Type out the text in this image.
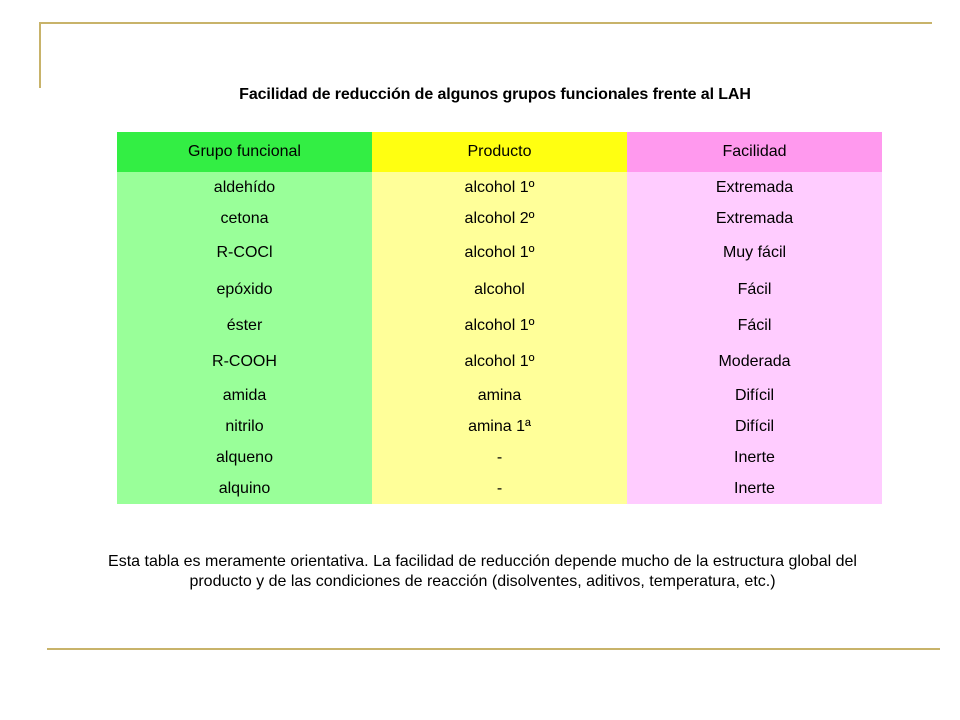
Facilidad de reducción de algunos grupos funcionales frente al LAH
Grupo funcional	Producto	Facilidad
aldehído	alcohol 1º	Extremada
cetona	alcohol 2º	Extremada
R-COCl	alcohol 1º	Muy fácil
epóxido	alcohol	Fácil
éster	alcohol 1º	Fácil
R-COOH	alcohol 1º	Moderada
amida	amina	Difícil
nitrilo	amina 1ª	Difícil
alqueno	-	Inerte
alquino	-	Inerte
Esta tabla es meramente orientativa. La facilidad de reducción depende mucho de la estructura global del producto y de las condiciones de reacción (disolventes, aditivos, temperatura, etc.)
